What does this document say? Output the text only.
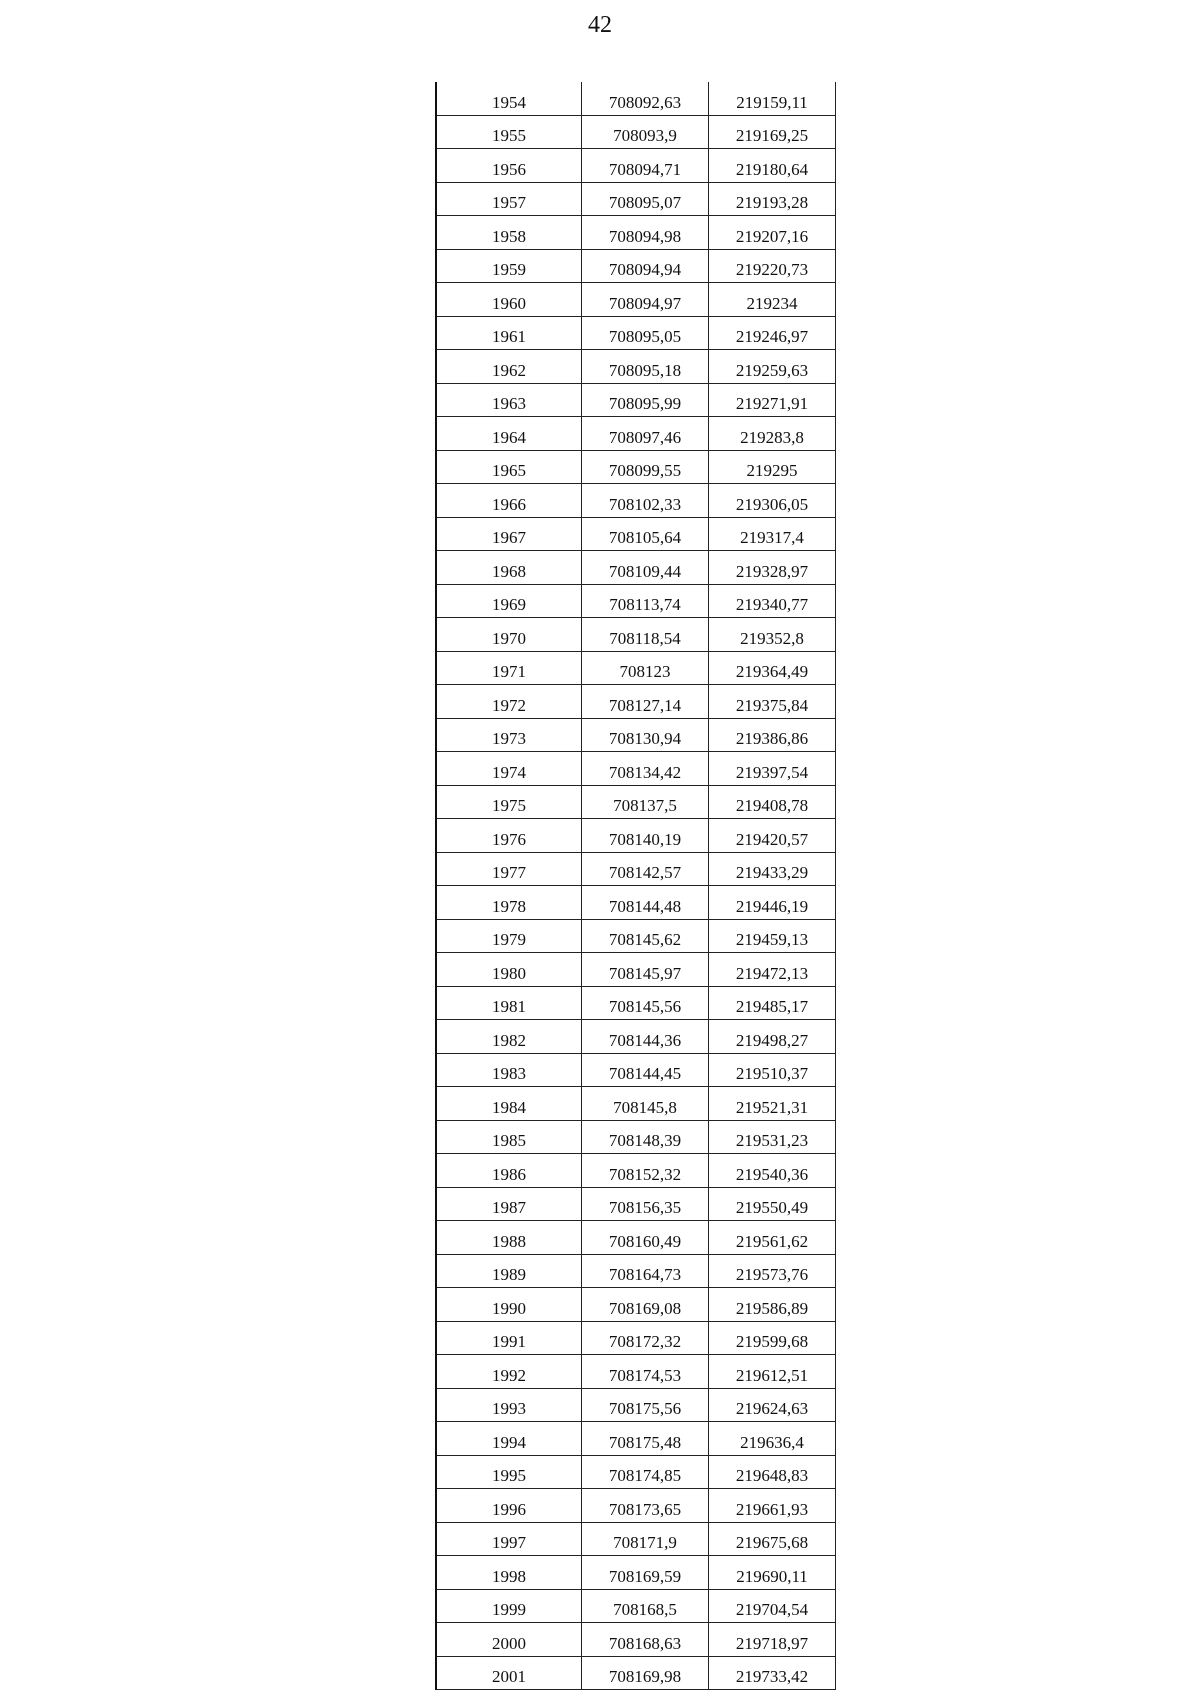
42
1954	708092,63	219159,11
1955	708093,9	219169,25
1956	708094,71	219180,64
1957	708095,07	219193,28
1958	708094,98	219207,16
1959	708094,94	219220,73
1960	708094,97	219234
1961	708095,05	219246,97
1962	708095,18	219259,63
1963	708095,99	219271,91
1964	708097,46	219283,8
1965	708099,55	219295
1966	708102,33	219306,05
1967	708105,64	219317,4
1968	708109,44	219328,97
1969	708113,74	219340,77
1970	708118,54	219352,8
1971	708123	219364,49
1972	708127,14	219375,84
1973	708130,94	219386,86
1974	708134,42	219397,54
1975	708137,5	219408,78
1976	708140,19	219420,57
1977	708142,57	219433,29
1978	708144,48	219446,19
1979	708145,62	219459,13
1980	708145,97	219472,13
1981	708145,56	219485,17
1982	708144,36	219498,27
1983	708144,45	219510,37
1984	708145,8	219521,31
1985	708148,39	219531,23
1986	708152,32	219540,36
1987	708156,35	219550,49
1988	708160,49	219561,62
1989	708164,73	219573,76
1990	708169,08	219586,89
1991	708172,32	219599,68
1992	708174,53	219612,51
1993	708175,56	219624,63
1994	708175,48	219636,4
1995	708174,85	219648,83
1996	708173,65	219661,93
1997	708171,9	219675,68
1998	708169,59	219690,11
1999	708168,5	219704,54
2000	708168,63	219718,97
2001	708169,98	219733,42
